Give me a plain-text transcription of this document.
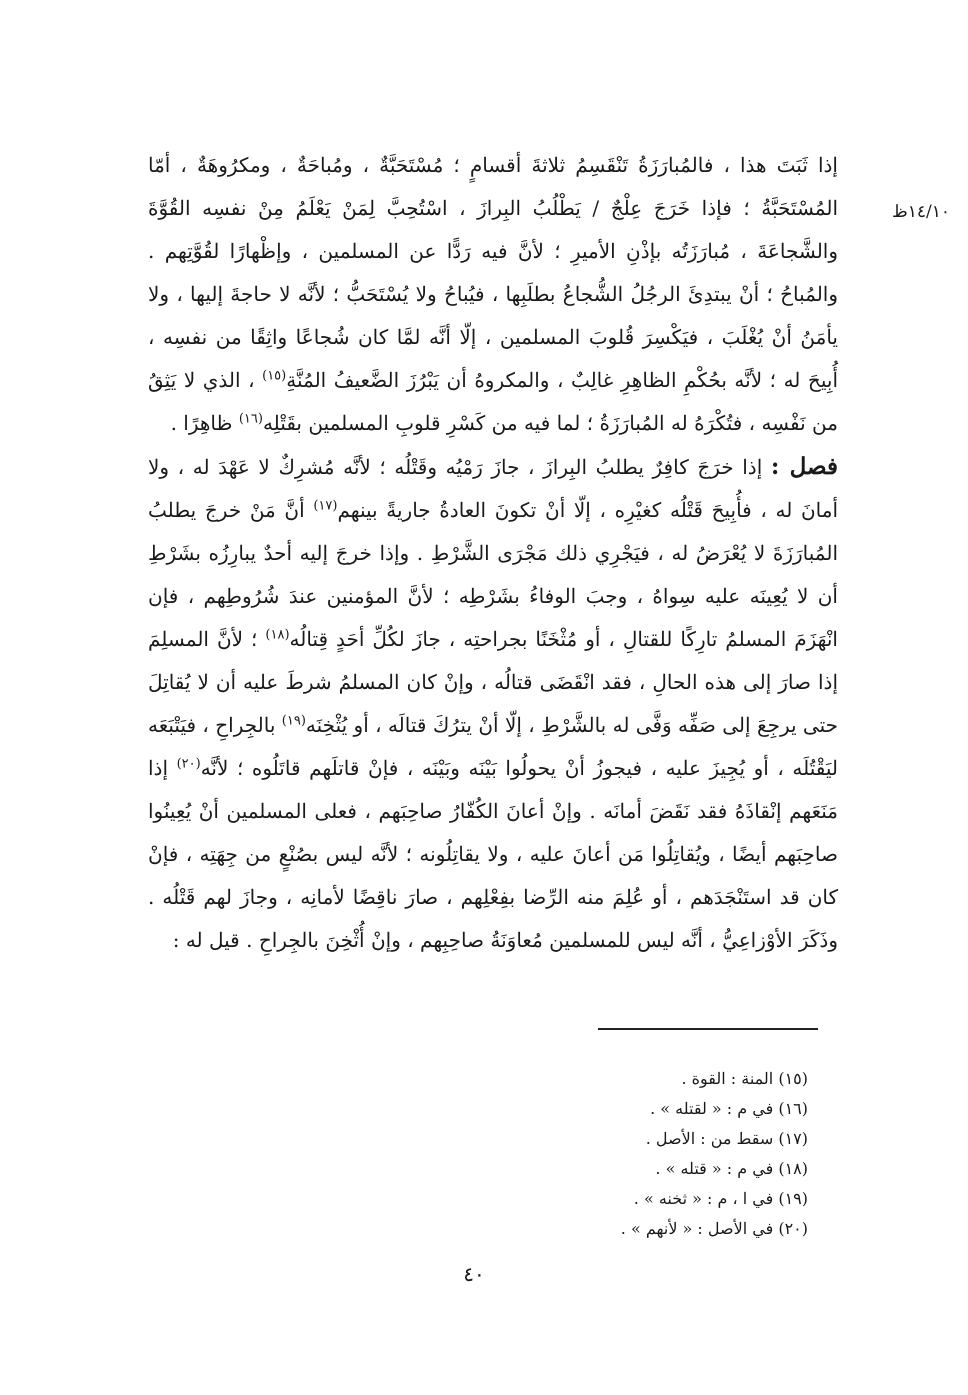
١٤/١٠ظ

إذا ثَبَتَ هذا ، فالمُبارَزَةُ تَنْقَسِمُ ثلاثةَ أقسامٍ ؛ مُسْتَحَبَّةٌ ، ومُباحَةٌ ، ومكرُوهَةٌ ، أمّا المُسْتَحَبَّةُ ؛ فإذا خَرَجَ عِلْجٌ / يَطْلُبُ البِرازَ ، اسْتُحِبَّ لِمَنْ يَعْلَمُ مِنْ نفسِه القُوَّةَ والشَّجاعَةَ ، مُبارَزَتُه بإذْنِ الأميرِ ؛ لأنَّ فيه رَدًّا عن المسلمين ، وإظْهارًا لقُوَّتِهم . والمُباحُ ؛ أنْ يبتدِئَ الرجُلُ الشُّجاعُ بطلَبِها ، فيُباحُ ولا يُسْتَحَبُّ ؛ لأنَّه لا حاجةَ إليها ، ولا يأمَنُ أنْ يُغْلَبَ ، فيَكْسِرَ قُلوبَ المسلمين ، إلّا أنَّه لمَّا كان شُجاعًا واثِقًا من نفسِه ، أُبِيحَ له ؛ لأنَّه بحُكْمِ الظاهِرِ غالِبٌ ، والمكروهُ أن يَبْرُزَ الضَّعيفُ المُنَّةِ$^{(١٥)}$ ، الذي لا يَثِقُ من نَفْسِه ، فتُكْرَهُ له المُبارَزَةُ ؛ لما فيه من كَسْرِ قلوبِ المسلمين بقَتْلِه$^{(١٦)}$ ظاهِرًا .

فصل : إذا خرَجَ كافِرٌ يطلبُ البِرازَ ، جازَ رَمْيُه وقَتْلُه ؛ لأنَّه مُشرِكٌ لا عَهْدَ له ، ولا أمانَ له ، فأُبِيحَ قَتْلُه كغيْرِه ، إلّا أنْ تكونَ العادةُ جاريةً بينهم$^{(١٧)}$ أنَّ مَنْ خرجَ يطلبُ المُبارَزَةَ لا يُعْرَضُ له ، فيَجْرِي ذلك مَجْرَى الشَّرْطِ . وإذا خرجَ إليه أحدٌ يبارِزُه بشَرْطِ أن لا يُعِينَه عليه سِواهُ ، وجبَ الوفاءُ بشَرْطِه ؛ لأنَّ المؤمنين عندَ شُرُوطِهم ، فإن انْهَزَمَ المسلمُ تارِكًا للقتالِ ، أو مُثْخَنًا بجراحتِه ، جازَ لكُلِّ أحَدٍ قِتالُه$^{(١٨)}$ ؛ لأنَّ المسلِمَ إذا صارَ إلى هذه الحالِ ، فقد انْقَضَى قتالُه ، وإنْ كان المسلمُ شرطَ عليه أن لا يُقاتِلَ حتى يرجِعَ إلى صَفِّه وَفَّى له بالشَّرْطِ ، إلّا أنْ يترُكَ قتالَه ، أو يُثْخِنَه$^{(١٩)}$ بالجِراحِ ، فيَتْبَعَه ليَقْتُلَه ، أو يُجِيزَ عليه ، فيجوزُ أنْ يحولُوا بَيْنَه وبَيْنَه ، فإنْ قاتلَهم قاتَلُوه ؛ لأنَّه$^{(٢٠)}$ إذا مَنَعَهم إنْقاذَهُ فقد نَقَضَ أمانَه . وإنْ أعانَ الكُفّارُ صاحِبَهم ، فعلى المسلمين أنْ يُعِينُوا صاحِبَهم أيضًا ، ويُقاتِلُوا مَن أعانَ عليه ، ولا يقاتِلُونه ؛ لأنَّه ليس بصُنْعٍ من جِهَتِه ، فإنْ كان قد استَنْجَدَهم ، أو عُلِمَ منه الرِّضا بفِعْلِهم ، صارَ ناقِضًا لأمانِه ، وجازَ لهم قَتْلُه . وذَكَرَ الأوْزاعِيُّ ، أنَّه ليس للمسلمين مُعاوَنَةُ صاحِبِهم ، وإنْ أُثْخِنَ بالجِراحِ . قيل له :

(١٥) المنة : القوة .
(١٦) في م : « لقتله » .
(١٧) سقط من : الأصل .
(١٨) في م : « قتله » .
(١٩) في ا ، م : « ثخنه » .
(٢٠) في الأصل : « لأنهم » .
٤٠
